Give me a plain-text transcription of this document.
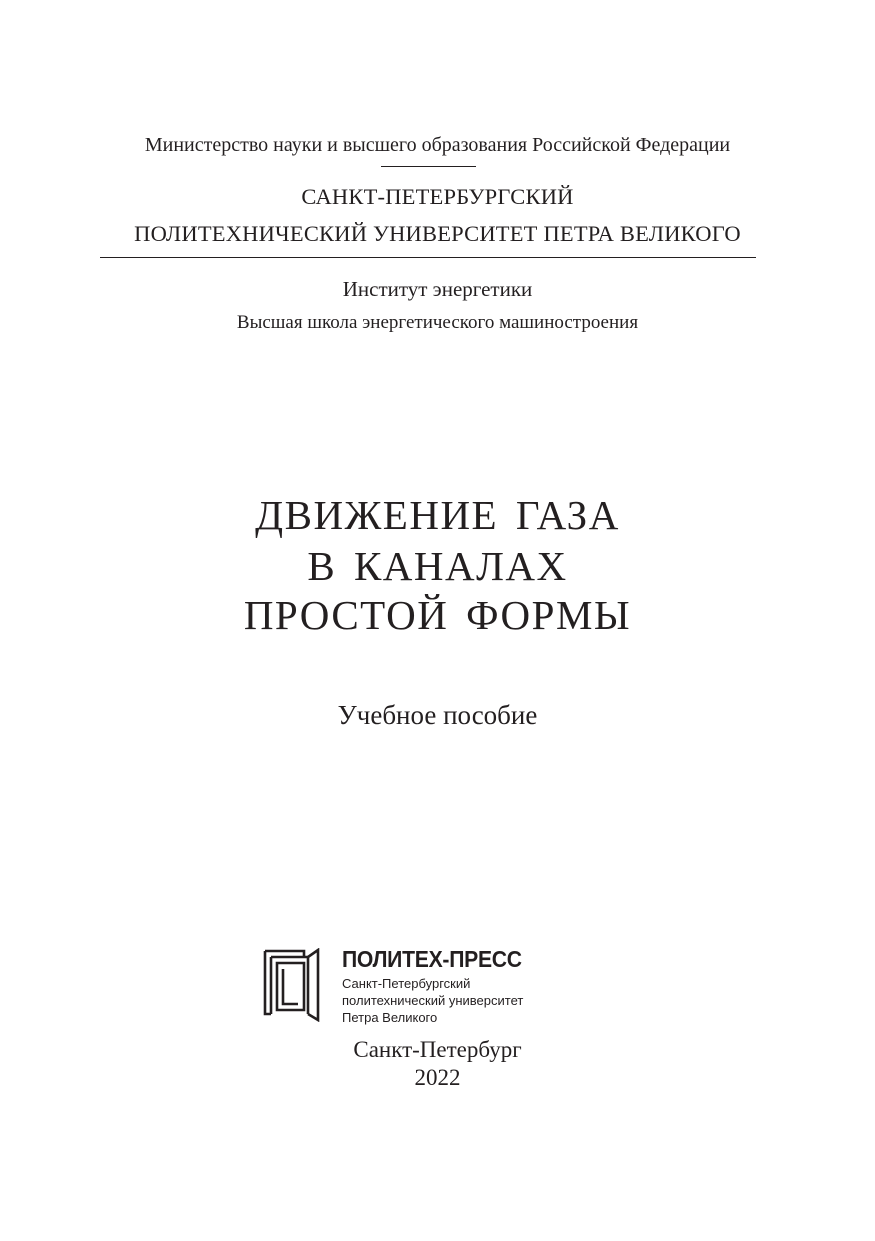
Министерство науки и высшего образования Российской Федерации
САНКТ-ПЕТЕРБУРГСКИЙ
ПОЛИТЕХНИЧЕСКИЙ УНИВЕРСИТЕТ ПЕТРА ВЕЛИКОГО
Институт энергетики
Высшая школа энергетического машиностроения
ДВИЖЕНИЕ ГАЗА
В КАНАЛАХ
ПРОСТОЙ ФОРМЫ
Учебное пособие
ПОЛИТЕХ-ПРЕСС
Санкт-Петербургский
политехнический университет
Петра Великого
Санкт-Петербург
2022
